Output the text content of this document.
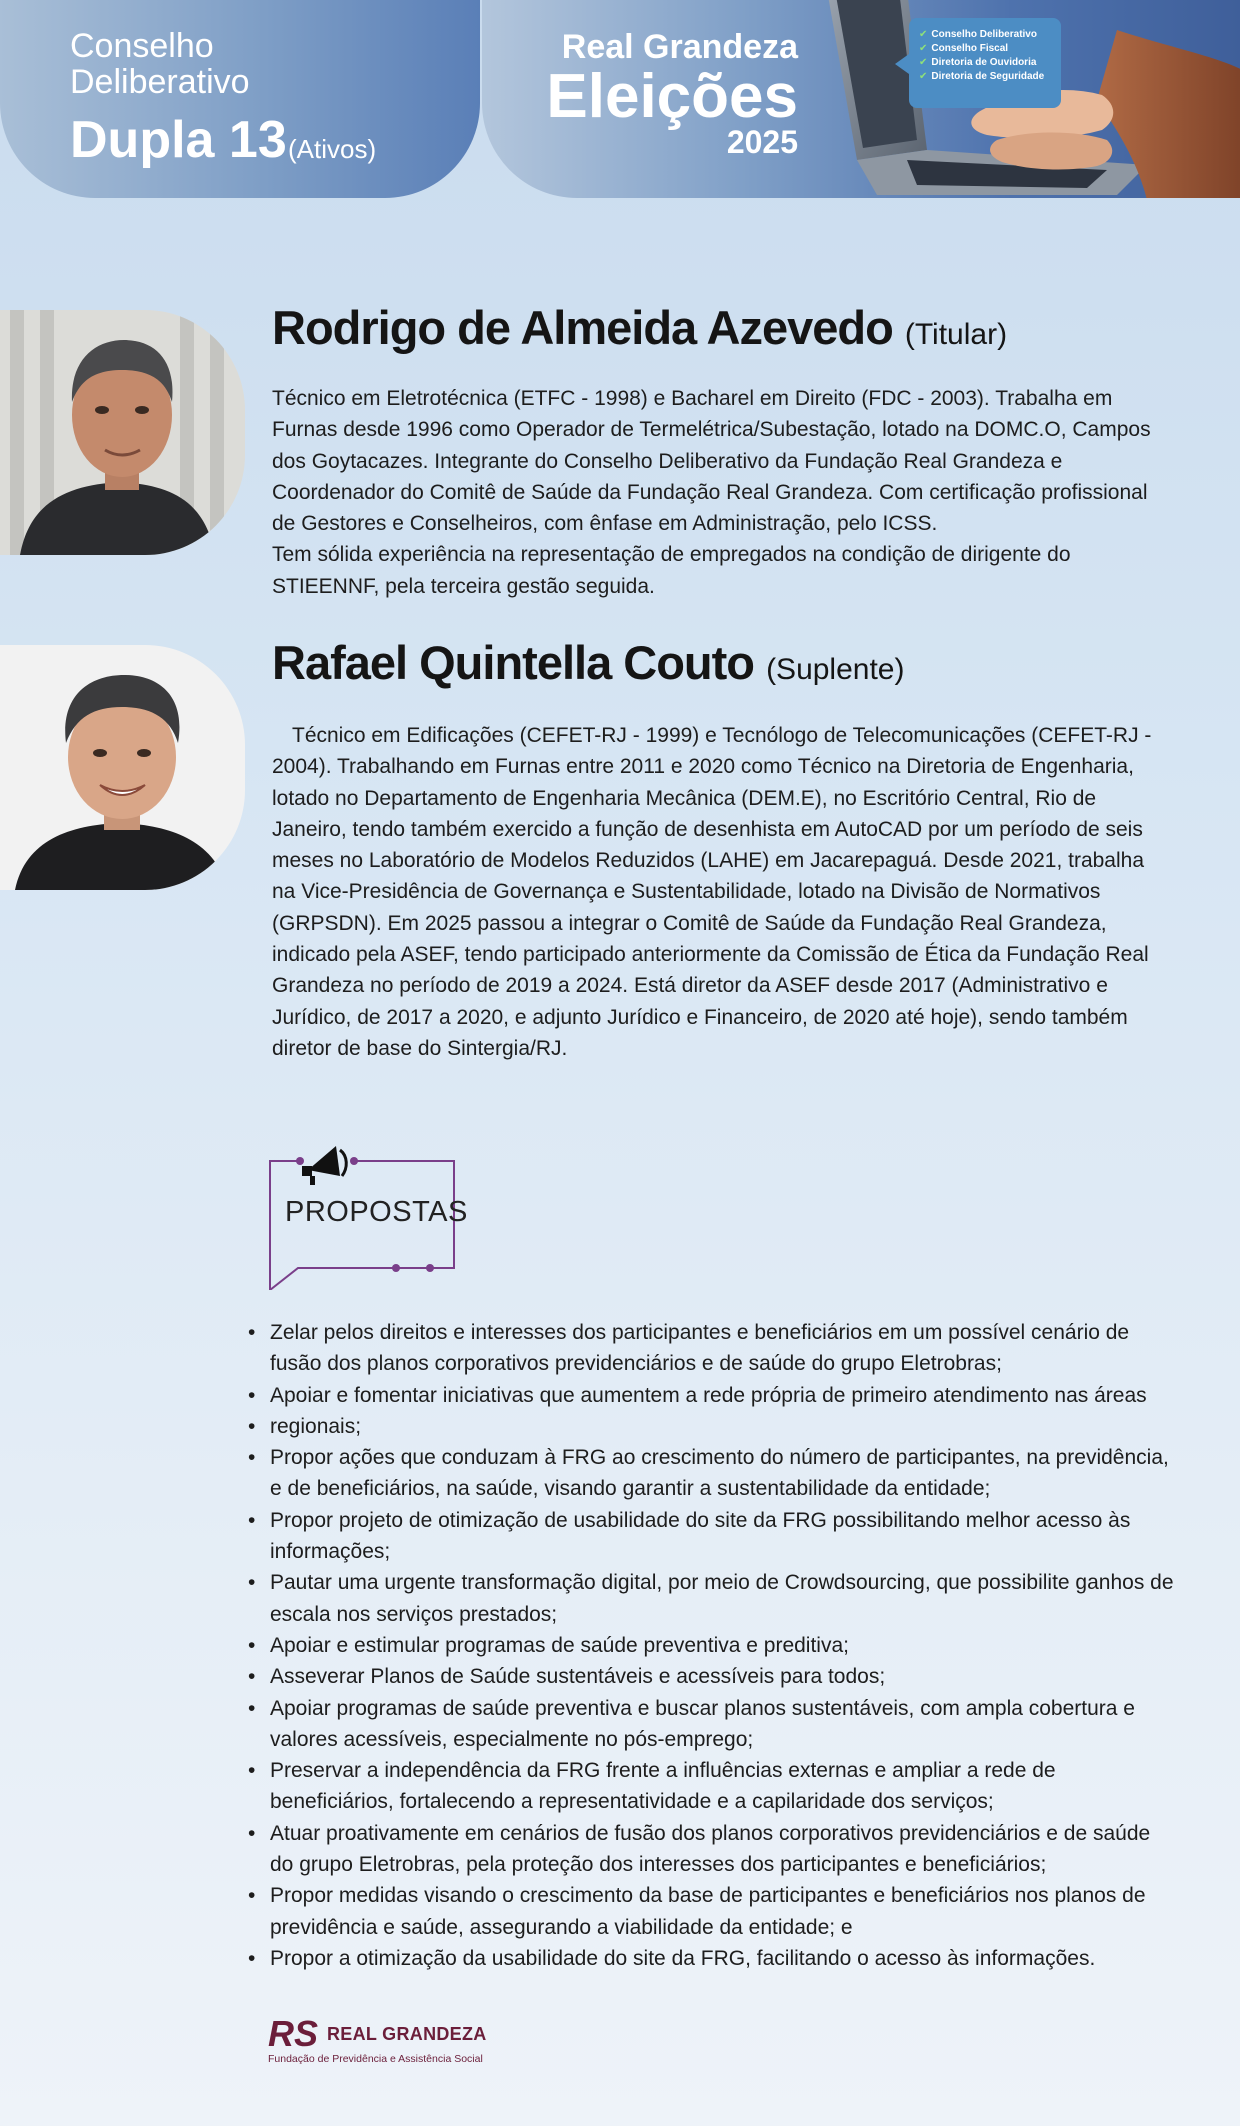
Conselho
Deliberativo
Dupla 13 (Ativos)
Real Grandeza
Eleições
2025
✔ Conselho Deliberativo
✔ Conselho Fiscal
✔ Diretoria de Ouvidoria
✔ Diretoria de Seguridade
Rodrigo de Almeida Azevedo (Titular)

Técnico em Eletrotécnica (ETFC - 1998) e Bacharel em Direito (FDC - 2003). Trabalha em Furnas desde 1996 como Operador de Termelétrica/Subestação, lotado na DOMC.O, Campos dos Goytacazes. Integrante do Conselho Deliberativo da Fundação Real Grandeza e Coordenador do Comitê de Saúde da Fundação Real Grandeza. Com certificação profissional de Gestores e Conselheiros, com ênfase em Administração, pelo ICSS.

Tem sólida experiência na representação de empregados na condição de dirigente do STIEENNF, pela terceira gestão seguida.

Rafael Quintella Couto (Suplente)

Técnico em Edificações (CEFET-RJ - 1999) e Tecnólogo de Telecomunicações (CEFET-RJ - 2004). Trabalhando em Furnas entre 2011 e 2020 como Técnico na Diretoria de Engenharia, lotado no Departamento de Engenharia Mecânica (DEM.E), no Escritório Central, Rio de Janeiro, tendo também exercido a função de desenhista em AutoCAD por um período de seis meses no Laboratório de Modelos Reduzidos (LAHE) em Jacarepaguá. Desde 2021, trabalha na Vice-Presidência de Governança e Sustentabilidade, lotado na Divisão de Normativos (GRPSDN). Em 2025 passou a integrar o Comitê de Saúde da Fundação Real Grandeza, indicado pela ASEF, tendo participado anteriormente da Comissão de Ética da Fundação Real Grandeza no período de 2019 a 2024. Está diretor da ASEF desde 2017 (Administrativo e Jurídico, de 2017 a 2020, e adjunto Jurídico e Financeiro, de 2020 até hoje), sendo também diretor de base do Sintergia/RJ.

PROPOSTAS
• Zelar pelos direitos e interesses dos participantes e beneficiários em um possível cenário de fusão dos planos corporativos previdenciários e de saúde do grupo Eletrobras;
• Apoiar e fomentar iniciativas que aumentem a rede própria de primeiro atendimento nas áreas
• regionais;
• Propor ações que conduzam à FRG ao crescimento do número de participantes, na previdência, e de beneficiários, na saúde, visando garantir a sustentabilidade da entidade;
• Propor projeto de otimização de usabilidade do site da FRG possibilitando melhor acesso às informações;
• Pautar uma urgente transformação digital, por meio de Crowdsourcing, que possibilite ganhos de escala nos serviços prestados;
• Apoiar e estimular programas de saúde preventiva e preditiva;
• Asseverar Planos de Saúde sustentáveis e acessíveis para todos;
• Apoiar programas de saúde preventiva e buscar planos sustentáveis, com ampla cobertura e valores acessíveis, especialmente no pós-emprego;
• Preservar a independência da FRG frente a influências externas e ampliar a rede de beneficiários, fortalecendo a representatividade e a capilaridade dos serviços;
• Atuar proativamente em cenários de fusão dos planos corporativos previdenciários e de saúde do grupo Eletrobras, pela proteção dos interesses dos participantes e beneficiários;
• Propor medidas visando o crescimento da base de participantes e beneficiários nos planos de previdência e saúde, assegurando a viabilidade da entidade; e
• Propor a otimização da usabilidade do site da FRG, facilitando o acesso às informações.
RS REAL GRANDEZA
Fundação de Previdência e Assistência Social
